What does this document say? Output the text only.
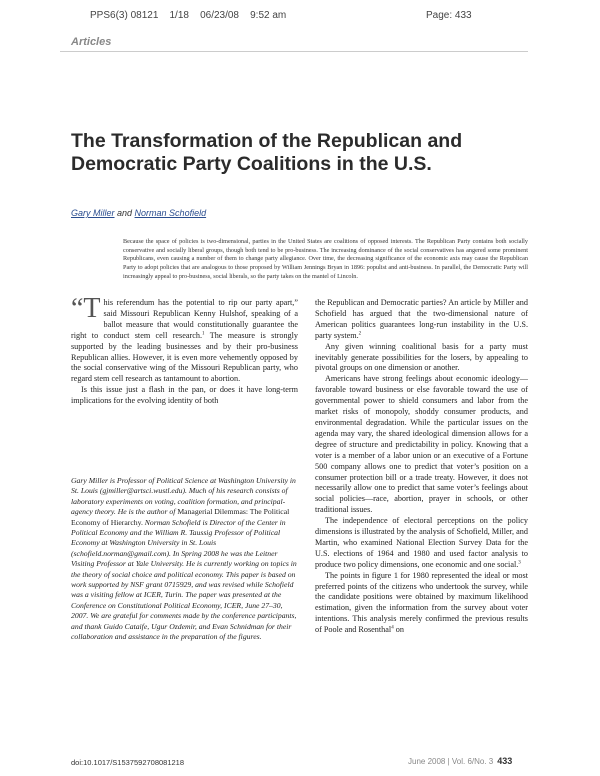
PPS6(3) 08121    1/18    06/23/08    9:52 am	Page: 433
Articles
The Transformation of the Republican and Democratic Party Coalitions in the U.S.
Gary Miller and Norman Schofield

Because the space of policies is two-dimensional, parties in the United States are coalitions of opposed interests. The Republican Party contains both socially conservative and socially liberal groups, though both tend to be pro-business. The increasing dominance of the social conservatives has angered some prominent Republicans, even causing a number of them to change party allegiance. Over time, the decreasing significance of the economic axis may cause the Republican Party to adopt policies that are analogous to those proposed by William Jennings Bryan in 1896: populist and anti-business. In parallel, the Democratic Party will increasingly appeal to pro-business, social liberals, so the party takes on the mantel of Lincoln.

“This referendum has the potential to rip our party apart,” said Missouri Republican Kenny Hulshof, speaking of a ballot measure that would constitutionally guarantee the right to conduct stem cell research.$^1$ The measure is strongly supported by the leading businesses and by their pro-business Republican allies. However, it is even more vehemently opposed by the social conservative wing of the Missouri Republican party, who regard stem cell research as tantamount to abortion.

Is this issue just a flash in the pan, or does it have long-term implications for the evolving identity of both

Gary Miller is Professor of Political Science at Washington University in St. Louis (gjmiller@artsci.wustl.edu). Much of his research consists of laboratory experiments on voting, coalition formation, and principal-agency theory. He is the author of Managerial Dilemmas: The Political Economy of Hierarchy. Norman Schofield is Director of the Center in Political Economy and the William R. Taussig Professor of Political Economy at Washington University in St. Louis (schofield.norman@gmail.com). In Spring 2008 he was the Leitner Visiting Professor at Yale University. He is currently working on topics in the theory of social choice and political economy. This paper is based on work supported by NSF grant 0715929, and was revised while Schofield was a visiting fellow at ICER, Turin. The paper was presented at the Conference on Constitutional Political Economy, ICER, June 27–30, 2007. We are grateful for comments made by the conference participants, and thank Guido Cataife, Ugur Ozdemir, and Evan Schnidman for their collaboration and assistance in the preparation of the figures.

the Republican and Democratic parties? An article by Miller and Schofield has argued that the two-dimensional nature of American politics guarantees long-run instability in the U.S. party system.$^2$

Any given winning coalitional basis for a party must inevitably generate possibilities for the losers, by appealing to pivotal groups on one dimension or another.

Americans have strong feelings about economic ideology—favorable toward business or else favorable toward the use of governmental power to shield consumers and labor from the market risks of monopoly, shoddy consumer products, and environmental degradation. While the particular issues on the agenda may vary, the shared ideological dimension allows for a degree of structure and predictability in policy. Knowing that a voter is a member of a labor union or an executive of a Fortune 500 company allows one to predict that voter’s position on a consumer protection bill or a trade treaty. However, it does not necessarily allow one to predict that same voter’s feelings about social policies—race, abortion, prayer in schools, or other traditional issues.

The independence of electoral perceptions on the policy dimensions is illustrated by the analysis of Schofield, Miller, and Martin, who examined National Election Survey Data for the U.S. elections of 1964 and 1980 and used factor analysis to produce two policy dimensions, one economic and one social.$^3$

The points in figure 1 for 1980 represented the ideal or most preferred points of the citizens who undertook the survey, while the candidate positions were obtained by maximum likelihood estimation, given the information from the survey about voter intentions. This analysis merely confirmed the previous results of Poole and Rosenthal$^4$ on

doi:10.1017/S1537592708081218	June 2008 | Vol. 6/No. 3 433
